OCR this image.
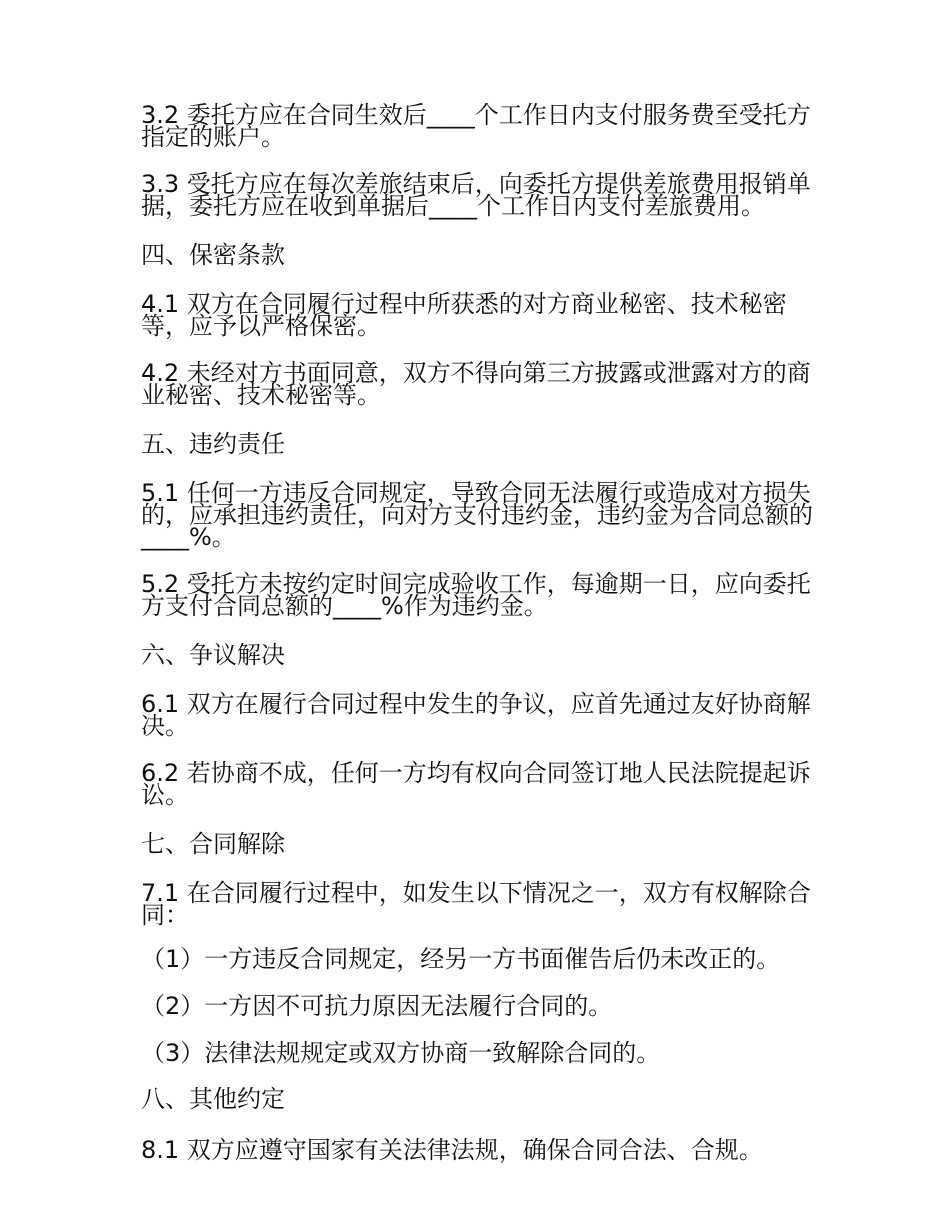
3.2 委托方应在合同生效后____个工作日内支付服务费至受托方指定的账户。

3.3 受托方应在每次差旅结束后，向委托方提供差旅费用报销单据，委托方应在收到单据后____个工作日内支付差旅费用。

四、保密条款

4.1 双方在合同履行过程中所获悉的对方商业秘密、技术秘密等，应予以严格保密。

4.2 未经对方书面同意，双方不得向第三方披露或泄露对方的商业秘密、技术秘密等。

五、违约责任

5.1 任何一方违反合同规定，导致合同无法履行或造成对方损失的，应承担违约责任，向对方支付违约金，违约金为合同总额的____%。

5.2 受托方未按约定时间完成验收工作，每逾期一日，应向委托方支付合同总额的____%作为违约金。

六、争议解决

6.1 双方在履行合同过程中发生的争议，应首先通过友好协商解决。

6.2 若协商不成，任何一方均有权向合同签订地人民法院提起诉讼。

七、合同解除

7.1 在合同履行过程中，如发生以下情况之一，双方有权解除合同：

（1）一方违反合同规定，经另一方书面催告后仍未改正的。

（2）一方因不可抗力原因无法履行合同的。

（3）法律法规规定或双方协商一致解除合同的。

八、其他约定

8.1 双方应遵守国家有关法律法规，确保合同合法、合规。
